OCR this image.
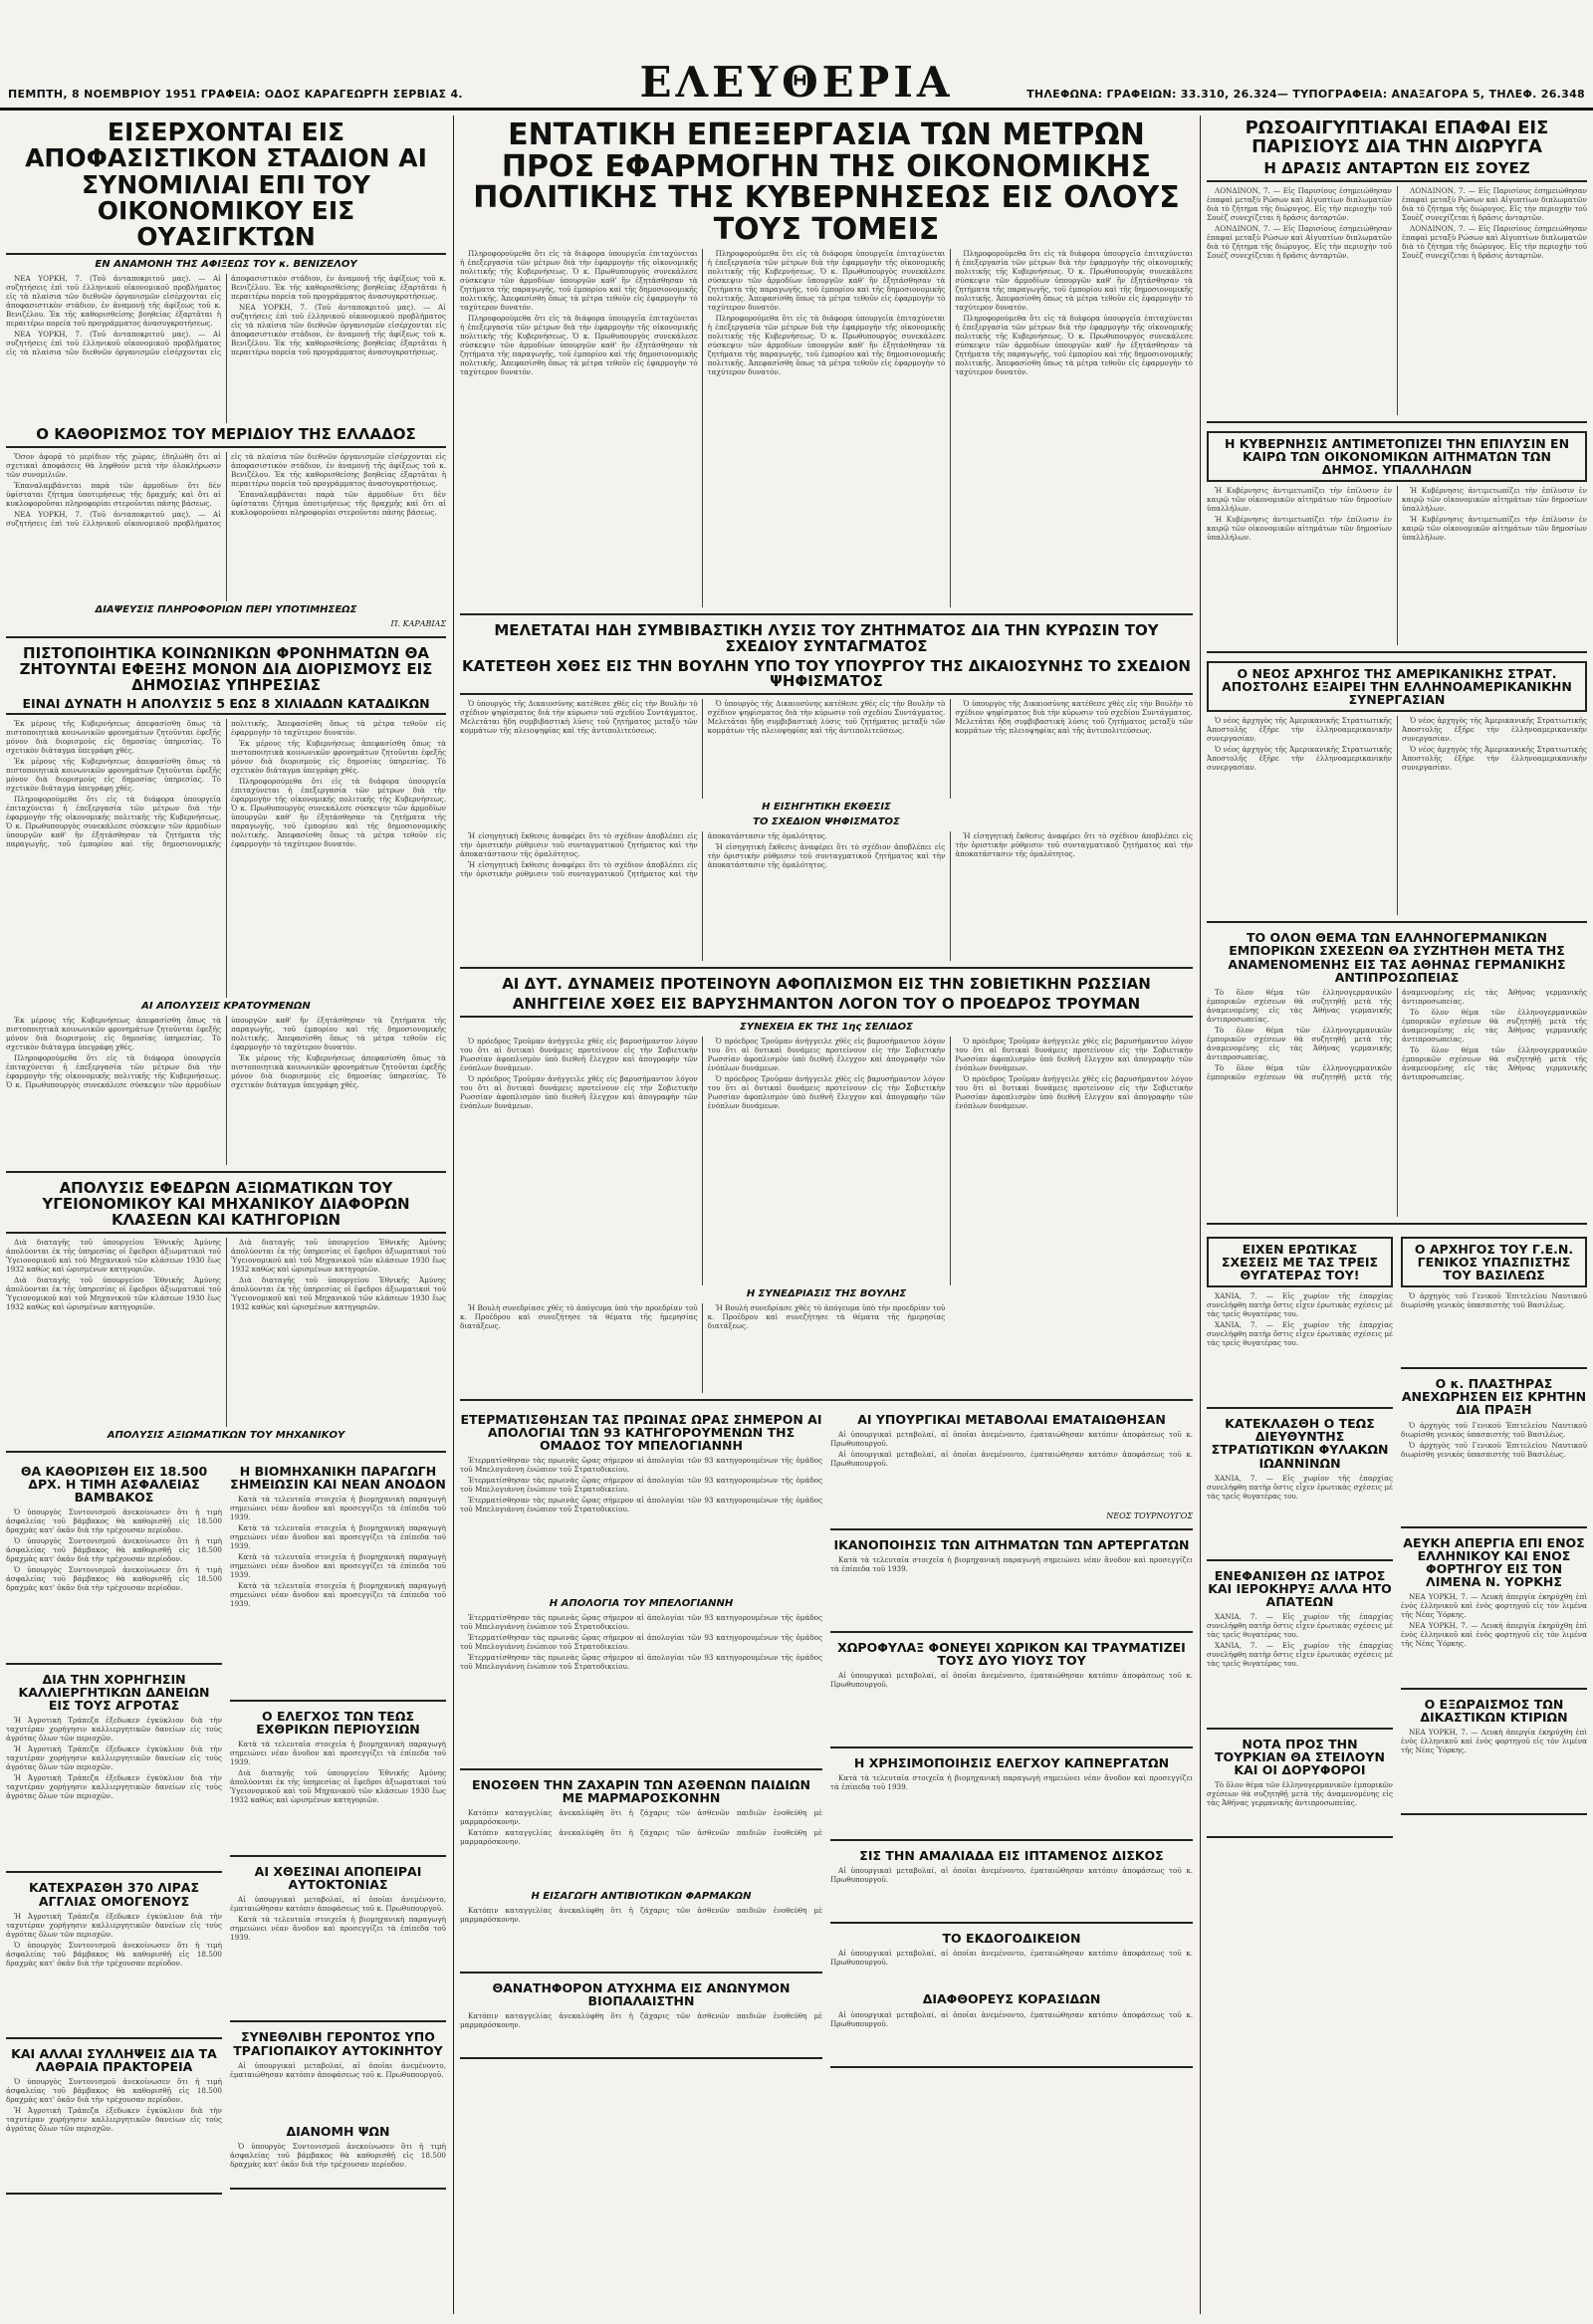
ΕΛΕΥΘΕΡΙΑ
ΠΕΜΠΤΗ, 8 ΝΟΕΜΒΡΙΟΥ 1951 ΓΡΑΦΕΙΑ: ΟΔΟΣ ΚΑΡΑΓΕΩΡΓΗ ΣΕΡΒΙΑΣ 4.	ΤΗΛΕΦΩΝΑ: ΓΡΑΦΕΙΩΝ: 33.310, 26.324— ΤΥΠΟΓΡΑΦΕΙΑ: ΑΝΑΞΑΓΟΡΑ 5, ΤΗΛΕΦ. 26.348
ΕΙΣΕΡΧΟΝΤΑΙ ΕΙΣ ΑΠΟΦΑΣΙΣΤΙΚΟΝ ΣΤΑΔΙΟΝ ΑΙ ΣΥΝΟΜΙΛΙΑΙ ΕΠΙ ΤΟΥ ΟΙΚΟΝΟΜΙΚΟΥ ΕΙΣ ΟΥΑΣΙΓΚΤΩΝ
ΕΝ ΑΝΑΜΟΝΗ ΤΗΣ ΑΦΙΞΕΩΣ ΤΟΥ κ. ΒΕΝΙΖΕΛΟΥ

ΝΕΑ ΥΟΡΚΗ, 7. (Τοῦ ἀνταποκριτοῦ μας). — Αἱ συζητήσεις ἐπὶ τοῦ ἑλληνικοῦ οἰκονομικοῦ προβλήματος εἰς τὰ πλαίσια τῶν διεθνῶν ὀργανισμῶν εἰσέρχονται εἰς ἀποφασιστικὸν στάδιον, ἐν ἀναμονῇ τῆς ἀφίξεως τοῦ κ. Βενιζέλου. Ἐκ τῆς καθορισθείσης βοηθείας ἐξαρτᾶται ἡ περαιτέρω πορεία τοῦ προγράμματος ἀνασυγκροτήσεως.

ΝΕΑ ΥΟΡΚΗ, 7. (Τοῦ ἀνταποκριτοῦ μας). — Αἱ συζητήσεις ἐπὶ τοῦ ἑλληνικοῦ οἰκονομικοῦ προβλήματος εἰς τὰ πλαίσια τῶν διεθνῶν ὀργανισμῶν εἰσέρχονται εἰς ἀποφασιστικὸν στάδιον, ἐν ἀναμονῇ τῆς ἀφίξεως τοῦ κ. Βενιζέλου. Ἐκ τῆς καθορισθείσης βοηθείας ἐξαρτᾶται ἡ περαιτέρω πορεία τοῦ προγράμματος ἀνασυγκροτήσεως.

ΝΕΑ ΥΟΡΚΗ, 7. (Τοῦ ἀνταποκριτοῦ μας). — Αἱ συζητήσεις ἐπὶ τοῦ ἑλληνικοῦ οἰκονομικοῦ προβλήματος εἰς τὰ πλαίσια τῶν διεθνῶν ὀργανισμῶν εἰσέρχονται εἰς ἀποφασιστικὸν στάδιον, ἐν ἀναμονῇ τῆς ἀφίξεως τοῦ κ. Βενιζέλου. Ἐκ τῆς καθορισθείσης βοηθείας ἐξαρτᾶται ἡ περαιτέρω πορεία τοῦ προγράμματος ἀνασυγκροτήσεως.

Ο ΚΑΘΟΡΙΣΜΟΣ ΤΟΥ ΜΕΡΙΔΙΟΥ ΤΗΣ ΕΛΛΑΔΟΣ

Ὅσον ἀφορᾷ τὸ μερίδιον τῆς χώρας, ἐδηλώθη ὅτι αἱ σχετικαὶ ἀποφάσεις θὰ ληφθοῦν μετὰ τὴν ὁλοκλήρωσιν τῶν συνομιλιῶν.

Ἐπαναλαμβάνεται παρὰ τῶν ἁρμοδίων ὅτι δὲν ὑφίσταται ζήτημα ὑποτιμήσεως τῆς δραχμῆς καὶ ὅτι αἱ κυκλοφοροῦσαι πληροφορίαι στεροῦνται πάσης βάσεως.

ΝΕΑ ΥΟΡΚΗ, 7. (Τοῦ ἀνταποκριτοῦ μας). — Αἱ συζητήσεις ἐπὶ τοῦ ἑλληνικοῦ οἰκονομικοῦ προβλήματος εἰς τὰ πλαίσια τῶν διεθνῶν ὀργανισμῶν εἰσέρχονται εἰς ἀποφασιστικὸν στάδιον, ἐν ἀναμονῇ τῆς ἀφίξεως τοῦ κ. Βενιζέλου. Ἐκ τῆς καθορισθείσης βοηθείας ἐξαρτᾶται ἡ περαιτέρω πορεία τοῦ προγράμματος ἀνασυγκροτήσεως.

Ἐπαναλαμβάνεται παρὰ τῶν ἁρμοδίων ὅτι δὲν ὑφίσταται ζήτημα ὑποτιμήσεως τῆς δραχμῆς καὶ ὅτι αἱ κυκλοφοροῦσαι πληροφορίαι στεροῦνται πάσης βάσεως.

ΔΙΑΨΕΥΣΙΣ ΠΛΗΡΟΦΟΡΙΩΝ ΠΕΡΙ ΥΠΟΤΙΜΗΣΕΩΣ
Π. ΚΑΡΑΒΙΑΣ
ΠΙΣΤΟΠΟΙΗΤΙΚΑ ΚΟΙΝΩΝΙΚΩΝ ΦΡΟΝΗΜΑΤΩΝ ΘΑ ΖΗΤΟΥΝΤΑΙ ΕΦΕΞΗΣ ΜΟΝΟΝ ΔΙΑ ΔΙΟΡΙΣΜΟΥΣ ΕΙΣ ΔΗΜΟΣΙΑΣ ΥΠΗΡΕΣΙΑΣ
ΕΙΝΑΙ ΔΥΝΑΤΗ Η ΑΠΟΛΥΣΙΣ 5 ΕΩΣ 8 ΧΙΛΙΑΔΩΝ ΚΑΤΑΔΙΚΩΝ

Ἐκ μέρους τῆς Κυβερνήσεως ἀπεφασίσθη ὅπως τὰ πιστοποιητικὰ κοινωνικῶν φρονημάτων ζητοῦνται ἐφεξῆς μόνον διὰ διορισμοὺς εἰς δημοσίας ὑπηρεσίας. Τὸ σχετικὸν διάταγμα ὑπεγράφη χθές.

Ἐκ μέρους τῆς Κυβερνήσεως ἀπεφασίσθη ὅπως τὰ πιστοποιητικὰ κοινωνικῶν φρονημάτων ζητοῦνται ἐφεξῆς μόνον διὰ διορισμοὺς εἰς δημοσίας ὑπηρεσίας. Τὸ σχετικὸν διάταγμα ὑπεγράφη χθές.

Πληροφορούμεθα ὅτι εἰς τὰ διάφορα ὑπουργεῖα ἐπιταχύνεται ἡ ἐπεξεργασία τῶν μέτρων διὰ τὴν ἐφαρμογὴν τῆς οἰκονομικῆς πολιτικῆς τῆς Κυβερνήσεως. Ὁ κ. Πρωθυπουργὸς συνεκάλεσε σύσκεψιν τῶν ἁρμοδίων ὑπουργῶν καθ' ἣν ἐξητάσθησαν τὰ ζητήματα τῆς παραγωγῆς, τοῦ ἐμπορίου καὶ τῆς δημοσιονομικῆς πολιτικῆς. Ἀπεφασίσθη ὅπως τὰ μέτρα τεθοῦν εἰς ἐφαρμογὴν τὸ ταχύτερον δυνατόν.

Ἐκ μέρους τῆς Κυβερνήσεως ἀπεφασίσθη ὅπως τὰ πιστοποιητικὰ κοινωνικῶν φρονημάτων ζητοῦνται ἐφεξῆς μόνον διὰ διορισμοὺς εἰς δημοσίας ὑπηρεσίας. Τὸ σχετικὸν διάταγμα ὑπεγράφη χθές.

Πληροφορούμεθα ὅτι εἰς τὰ διάφορα ὑπουργεῖα ἐπιταχύνεται ἡ ἐπεξεργασία τῶν μέτρων διὰ τὴν ἐφαρμογὴν τῆς οἰκονομικῆς πολιτικῆς τῆς Κυβερνήσεως. Ὁ κ. Πρωθυπουργὸς συνεκάλεσε σύσκεψιν τῶν ἁρμοδίων ὑπουργῶν καθ' ἣν ἐξητάσθησαν τὰ ζητήματα τῆς παραγωγῆς, τοῦ ἐμπορίου καὶ τῆς δημοσιονομικῆς πολιτικῆς. Ἀπεφασίσθη ὅπως τὰ μέτρα τεθοῦν εἰς ἐφαρμογὴν τὸ ταχύτερον δυνατόν.

ΑΙ ΑΠΟΛΥΣΕΙΣ ΚΡΑΤΟΥΜΕΝΩΝ

Ἐκ μέρους τῆς Κυβερνήσεως ἀπεφασίσθη ὅπως τὰ πιστοποιητικὰ κοινωνικῶν φρονημάτων ζητοῦνται ἐφεξῆς μόνον διὰ διορισμοὺς εἰς δημοσίας ὑπηρεσίας. Τὸ σχετικὸν διάταγμα ὑπεγράφη χθές.

Πληροφορούμεθα ὅτι εἰς τὰ διάφορα ὑπουργεῖα ἐπιταχύνεται ἡ ἐπεξεργασία τῶν μέτρων διὰ τὴν ἐφαρμογὴν τῆς οἰκονομικῆς πολιτικῆς τῆς Κυβερνήσεως. Ὁ κ. Πρωθυπουργὸς συνεκάλεσε σύσκεψιν τῶν ἁρμοδίων ὑπουργῶν καθ' ἣν ἐξητάσθησαν τὰ ζητήματα τῆς παραγωγῆς, τοῦ ἐμπορίου καὶ τῆς δημοσιονομικῆς πολιτικῆς. Ἀπεφασίσθη ὅπως τὰ μέτρα τεθοῦν εἰς ἐφαρμογὴν τὸ ταχύτερον δυνατόν.

Ἐκ μέρους τῆς Κυβερνήσεως ἀπεφασίσθη ὅπως τὰ πιστοποιητικὰ κοινωνικῶν φρονημάτων ζητοῦνται ἐφεξῆς μόνον διὰ διορισμοὺς εἰς δημοσίας ὑπηρεσίας. Τὸ σχετικὸν διάταγμα ὑπεγράφη χθές.

ΑΠΟΛΥΣΙΣ ΕΦΕΔΡΩΝ ΑΞΙΩΜΑΤΙΚΩΝ ΤΟΥ ΥΓΕΙΟΝΟΜΙΚΟΥ ΚΑΙ ΜΗΧΑΝΙΚΟΥ ΔΙΑΦΟΡΩΝ ΚΛΑΣΕΩΝ ΚΑΙ ΚΑΤΗΓΟΡΙΩΝ

Διὰ διαταγῆς τοῦ ὑπουργείου Ἐθνικῆς Ἀμύνης ἀπολύονται ἐκ τῆς ὑπηρεσίας οἱ ἔφεδροι ἀξιωματικοὶ τοῦ Ὑγειονομικοῦ καὶ τοῦ Μηχανικοῦ τῶν κλάσεων 1930 ἕως 1932 καθὼς καὶ ὡρισμένων κατηγοριῶν.

Διὰ διαταγῆς τοῦ ὑπουργείου Ἐθνικῆς Ἀμύνης ἀπολύονται ἐκ τῆς ὑπηρεσίας οἱ ἔφεδροι ἀξιωματικοὶ τοῦ Ὑγειονομικοῦ καὶ τοῦ Μηχανικοῦ τῶν κλάσεων 1930 ἕως 1932 καθὼς καὶ ὡρισμένων κατηγοριῶν.

Διὰ διαταγῆς τοῦ ὑπουργείου Ἐθνικῆς Ἀμύνης ἀπολύονται ἐκ τῆς ὑπηρεσίας οἱ ἔφεδροι ἀξιωματικοὶ τοῦ Ὑγειονομικοῦ καὶ τοῦ Μηχανικοῦ τῶν κλάσεων 1930 ἕως 1932 καθὼς καὶ ὡρισμένων κατηγοριῶν.

Διὰ διαταγῆς τοῦ ὑπουργείου Ἐθνικῆς Ἀμύνης ἀπολύονται ἐκ τῆς ὑπηρεσίας οἱ ἔφεδροι ἀξιωματικοὶ τοῦ Ὑγειονομικοῦ καὶ τοῦ Μηχανικοῦ τῶν κλάσεων 1930 ἕως 1932 καθὼς καὶ ὡρισμένων κατηγοριῶν.

ΑΠΟΛΥΣΙΣ ΑΞΙΩΜΑΤΙΚΩΝ ΤΟΥ ΜΗΧΑΝΙΚΟΥ
ΘΑ ΚΑΘΟΡΙΣΘΗ ΕΙΣ 18.500 ΔΡΧ. Η ΤΙΜΗ ΑΣΦΑΛΕΙΑΣ ΒΑΜΒΑΚΟΣ

Ὁ ὑπουργὸς Συντονισμοῦ ἀνεκοίνωσεν ὅτι ἡ τιμὴ ἀσφαλείας τοῦ βάμβακος θὰ καθορισθῇ εἰς 18.500 δραχμὰς κατ' ὀκᾶν διὰ τὴν τρέχουσαν περίοδον.

Ὁ ὑπουργὸς Συντονισμοῦ ἀνεκοίνωσεν ὅτι ἡ τιμὴ ἀσφαλείας τοῦ βάμβακος θὰ καθορισθῇ εἰς 18.500 δραχμὰς κατ' ὀκᾶν διὰ τὴν τρέχουσαν περίοδον.

Ὁ ὑπουργὸς Συντονισμοῦ ἀνεκοίνωσεν ὅτι ἡ τιμὴ ἀσφαλείας τοῦ βάμβακος θὰ καθορισθῇ εἰς 18.500 δραχμὰς κατ' ὀκᾶν διὰ τὴν τρέχουσαν περίοδον.

ΔΙΑ ΤΗΝ ΧΟΡΗΓΗΣΙΝ ΚΑΛΛΙΕΡΓΗΤΙΚΩΝ ΔΑΝΕΙΩΝ ΕΙΣ ΤΟΥΣ ΑΓΡΟΤΑΣ

Ἡ Ἀγροτικὴ Τράπεζα ἐξεδωκεν ἐγκύκλιον διὰ τὴν ταχυτέραν χορήγησιν καλλιεργητικῶν δανείων εἰς τοὺς ἀγρότας ὅλων τῶν περιοχῶν.

Ἡ Ἀγροτικὴ Τράπεζα ἐξεδωκεν ἐγκύκλιον διὰ τὴν ταχυτέραν χορήγησιν καλλιεργητικῶν δανείων εἰς τοὺς ἀγρότας ὅλων τῶν περιοχῶν.

Ἡ Ἀγροτικὴ Τράπεζα ἐξεδωκεν ἐγκύκλιον διὰ τὴν ταχυτέραν χορήγησιν καλλιεργητικῶν δανείων εἰς τοὺς ἀγρότας ὅλων τῶν περιοχῶν.

ΚΑΤΕΧΡΑΣΘΗ 370 ΛΙΡΑΣ ΑΓΓΛΙΑΣ ΟΜΟΓΕΝΟΥΣ

Ἡ Ἀγροτικὴ Τράπεζα ἐξεδωκεν ἐγκύκλιον διὰ τὴν ταχυτέραν χορήγησιν καλλιεργητικῶν δανείων εἰς τοὺς ἀγρότας ὅλων τῶν περιοχῶν.

Ὁ ὑπουργὸς Συντονισμοῦ ἀνεκοίνωσεν ὅτι ἡ τιμὴ ἀσφαλείας τοῦ βάμβακος θὰ καθορισθῇ εἰς 18.500 δραχμὰς κατ' ὀκᾶν διὰ τὴν τρέχουσαν περίοδον.

ΚΑΙ ΑΛΛΑΙ ΣΥΛΛΗΨΕΙΣ ΔΙΑ ΤΑ ΛΑΘΡΑΙΑ ΠΡΑΚΤΟΡΕΙΑ

Ὁ ὑπουργὸς Συντονισμοῦ ἀνεκοίνωσεν ὅτι ἡ τιμὴ ἀσφαλείας τοῦ βάμβακος θὰ καθορισθῇ εἰς 18.500 δραχμὰς κατ' ὀκᾶν διὰ τὴν τρέχουσαν περίοδον.

Ἡ Ἀγροτικὴ Τράπεζα ἐξεδωκεν ἐγκύκλιον διὰ τὴν ταχυτέραν χορήγησιν καλλιεργητικῶν δανείων εἰς τοὺς ἀγρότας ὅλων τῶν περιοχῶν.

Η ΒΙΟΜΗΧΑΝΙΚΗ ΠΑΡΑΓΩΓΗ ΣΗΜΕΙΩΣΙΝ ΚΑΙ ΝΕΑΝ ΑΝΟΔΟΝ

Κατὰ τὰ τελευταῖα στοιχεῖα ἡ βιομηχανικὴ παραγωγὴ σημειώνει νέαν ἄνοδον καὶ προσεγγίζει τὰ ἐπίπεδα τοῦ 1939.

Κατὰ τὰ τελευταῖα στοιχεῖα ἡ βιομηχανικὴ παραγωγὴ σημειώνει νέαν ἄνοδον καὶ προσεγγίζει τὰ ἐπίπεδα τοῦ 1939.

Κατὰ τὰ τελευταῖα στοιχεῖα ἡ βιομηχανικὴ παραγωγὴ σημειώνει νέαν ἄνοδον καὶ προσεγγίζει τὰ ἐπίπεδα τοῦ 1939.

Κατὰ τὰ τελευταῖα στοιχεῖα ἡ βιομηχανικὴ παραγωγὴ σημειώνει νέαν ἄνοδον καὶ προσεγγίζει τὰ ἐπίπεδα τοῦ 1939.

Ο ΕΛΕΓΧΟΣ ΤΩΝ ΤΕΩΣ ΕΧΘΡΙΚΩΝ ΠΕΡΙΟΥΣΙΩΝ

Κατὰ τὰ τελευταῖα στοιχεῖα ἡ βιομηχανικὴ παραγωγὴ σημειώνει νέαν ἄνοδον καὶ προσεγγίζει τὰ ἐπίπεδα τοῦ 1939.

Διὰ διαταγῆς τοῦ ὑπουργείου Ἐθνικῆς Ἀμύνης ἀπολύονται ἐκ τῆς ὑπηρεσίας οἱ ἔφεδροι ἀξιωματικοὶ τοῦ Ὑγειονομικοῦ καὶ τοῦ Μηχανικοῦ τῶν κλάσεων 1930 ἕως 1932 καθὼς καὶ ὡρισμένων κατηγοριῶν.

ΑΙ ΧΘΕΣΙΝΑΙ ΑΠΟΠΕΙΡΑΙ ΑΥΤΟΚΤΟΝΙΑΣ

Αἱ ὑπουργικαὶ μεταβολαί, αἱ ὁποῖαι ἀνεμένοντο, ἐματαιώθησαν κατόπιν ἀποφάσεως τοῦ κ. Πρωθυπουργοῦ.

Κατὰ τὰ τελευταῖα στοιχεῖα ἡ βιομηχανικὴ παραγωγὴ σημειώνει νέαν ἄνοδον καὶ προσεγγίζει τὰ ἐπίπεδα τοῦ 1939.

ΣΥΝΕΘΛΙΒΗ ΓΕΡΟΝΤΟΣ ΥΠΟ ΤΡΑΓΙΟΠΑΙΚΟΥ ΑΥΤΟΚΙΝΗΤΟΥ

Αἱ ὑπουργικαὶ μεταβολαί, αἱ ὁποῖαι ἀνεμένοντο, ἐματαιώθησαν κατόπιν ἀποφάσεως τοῦ κ. Πρωθυπουργοῦ.

ΔΙΑΝΟΜΗ ΨΩΝ

Ὁ ὑπουργὸς Συντονισμοῦ ἀνεκοίνωσεν ὅτι ἡ τιμὴ ἀσφαλείας τοῦ βάμβακος θὰ καθορισθῇ εἰς 18.500 δραχμὰς κατ' ὀκᾶν διὰ τὴν τρέχουσαν περίοδον.

ΕΝΤΑΤΙΚΗ ΕΠΕΞΕΡΓΑΣΙΑ ΤΩΝ ΜΕΤΡΩΝ ΠΡΟΣ ΕΦΑΡΜΟΓΗΝ ΤΗΣ ΟΙΚΟΝΟΜΙΚΗΣ ΠΟΛΙΤΙΚΗΣ ΤΗΣ ΚΥΒΕΡΝΗΣΕΩΣ ΕΙΣ ΟΛΟΥΣ ΤΟΥΣ ΤΟΜΕΙΣ

Πληροφορούμεθα ὅτι εἰς τὰ διάφορα ὑπουργεῖα ἐπιταχύνεται ἡ ἐπεξεργασία τῶν μέτρων διὰ τὴν ἐφαρμογὴν τῆς οἰκονομικῆς πολιτικῆς τῆς Κυβερνήσεως. Ὁ κ. Πρωθυπουργὸς συνεκάλεσε σύσκεψιν τῶν ἁρμοδίων ὑπουργῶν καθ' ἣν ἐξητάσθησαν τὰ ζητήματα τῆς παραγωγῆς, τοῦ ἐμπορίου καὶ τῆς δημοσιονομικῆς πολιτικῆς. Ἀπεφασίσθη ὅπως τὰ μέτρα τεθοῦν εἰς ἐφαρμογὴν τὸ ταχύτερον δυνατόν.

Πληροφορούμεθα ὅτι εἰς τὰ διάφορα ὑπουργεῖα ἐπιταχύνεται ἡ ἐπεξεργασία τῶν μέτρων διὰ τὴν ἐφαρμογὴν τῆς οἰκονομικῆς πολιτικῆς τῆς Κυβερνήσεως. Ὁ κ. Πρωθυπουργὸς συνεκάλεσε σύσκεψιν τῶν ἁρμοδίων ὑπουργῶν καθ' ἣν ἐξητάσθησαν τὰ ζητήματα τῆς παραγωγῆς, τοῦ ἐμπορίου καὶ τῆς δημοσιονομικῆς πολιτικῆς. Ἀπεφασίσθη ὅπως τὰ μέτρα τεθοῦν εἰς ἐφαρμογὴν τὸ ταχύτερον δυνατόν.

Πληροφορούμεθα ὅτι εἰς τὰ διάφορα ὑπουργεῖα ἐπιταχύνεται ἡ ἐπεξεργασία τῶν μέτρων διὰ τὴν ἐφαρμογὴν τῆς οἰκονομικῆς πολιτικῆς τῆς Κυβερνήσεως. Ὁ κ. Πρωθυπουργὸς συνεκάλεσε σύσκεψιν τῶν ἁρμοδίων ὑπουργῶν καθ' ἣν ἐξητάσθησαν τὰ ζητήματα τῆς παραγωγῆς, τοῦ ἐμπορίου καὶ τῆς δημοσιονομικῆς πολιτικῆς. Ἀπεφασίσθη ὅπως τὰ μέτρα τεθοῦν εἰς ἐφαρμογὴν τὸ ταχύτερον δυνατόν.

Πληροφορούμεθα ὅτι εἰς τὰ διάφορα ὑπουργεῖα ἐπιταχύνεται ἡ ἐπεξεργασία τῶν μέτρων διὰ τὴν ἐφαρμογὴν τῆς οἰκονομικῆς πολιτικῆς τῆς Κυβερνήσεως. Ὁ κ. Πρωθυπουργὸς συνεκάλεσε σύσκεψιν τῶν ἁρμοδίων ὑπουργῶν καθ' ἣν ἐξητάσθησαν τὰ ζητήματα τῆς παραγωγῆς, τοῦ ἐμπορίου καὶ τῆς δημοσιονομικῆς πολιτικῆς. Ἀπεφασίσθη ὅπως τὰ μέτρα τεθοῦν εἰς ἐφαρμογὴν τὸ ταχύτερον δυνατόν.

Πληροφορούμεθα ὅτι εἰς τὰ διάφορα ὑπουργεῖα ἐπιταχύνεται ἡ ἐπεξεργασία τῶν μέτρων διὰ τὴν ἐφαρμογὴν τῆς οἰκονομικῆς πολιτικῆς τῆς Κυβερνήσεως. Ὁ κ. Πρωθυπουργὸς συνεκάλεσε σύσκεψιν τῶν ἁρμοδίων ὑπουργῶν καθ' ἣν ἐξητάσθησαν τὰ ζητήματα τῆς παραγωγῆς, τοῦ ἐμπορίου καὶ τῆς δημοσιονομικῆς πολιτικῆς. Ἀπεφασίσθη ὅπως τὰ μέτρα τεθοῦν εἰς ἐφαρμογὴν τὸ ταχύτερον δυνατόν.

Πληροφορούμεθα ὅτι εἰς τὰ διάφορα ὑπουργεῖα ἐπιταχύνεται ἡ ἐπεξεργασία τῶν μέτρων διὰ τὴν ἐφαρμογὴν τῆς οἰκονομικῆς πολιτικῆς τῆς Κυβερνήσεως. Ὁ κ. Πρωθυπουργὸς συνεκάλεσε σύσκεψιν τῶν ἁρμοδίων ὑπουργῶν καθ' ἣν ἐξητάσθησαν τὰ ζητήματα τῆς παραγωγῆς, τοῦ ἐμπορίου καὶ τῆς δημοσιονομικῆς πολιτικῆς. Ἀπεφασίσθη ὅπως τὰ μέτρα τεθοῦν εἰς ἐφαρμογὴν τὸ ταχύτερον δυνατόν.

ΜΕΛΕΤΑΤΑΙ ΗΔΗ ΣΥΜΒΙΒΑΣΤΙΚΗ ΛΥΣΙΣ ΤΟΥ ΖΗΤΗΜΑΤΟΣ ΔΙΑ ΤΗΝ ΚΥΡΩΣΙΝ ΤΟΥ ΣΧΕΔΙΟΥ ΣΥΝΤΑΓΜΑΤΟΣ
ΚΑΤΕΤΕΘΗ ΧΘΕΣ ΕΙΣ ΤΗΝ ΒΟΥΛΗΝ ΥΠΟ ΤΟΥ ΥΠΟΥΡΓΟΥ ΤΗΣ ΔΙΚΑΙΟΣΥΝΗΣ ΤΟ ΣΧΕΔΙΟΝ ΨΗΦΙΣΜΑΤΟΣ

Ὁ ὑπουργὸς τῆς Δικαιοσύνης κατέθεσε χθὲς εἰς τὴν Βουλὴν τὸ σχέδιον ψηφίσματος διὰ τὴν κύρωσιν τοῦ σχεδίου Συντάγματος. Μελετᾶται ἤδη συμβιβαστικὴ λύσις τοῦ ζητήματος μεταξὺ τῶν κομμάτων τῆς πλειοψηφίας καὶ τῆς ἀντιπολιτεύσεως.

Ὁ ὑπουργὸς τῆς Δικαιοσύνης κατέθεσε χθὲς εἰς τὴν Βουλὴν τὸ σχέδιον ψηφίσματος διὰ τὴν κύρωσιν τοῦ σχεδίου Συντάγματος. Μελετᾶται ἤδη συμβιβαστικὴ λύσις τοῦ ζητήματος μεταξὺ τῶν κομμάτων τῆς πλειοψηφίας καὶ τῆς ἀντιπολιτεύσεως.

Ὁ ὑπουργὸς τῆς Δικαιοσύνης κατέθεσε χθὲς εἰς τὴν Βουλὴν τὸ σχέδιον ψηφίσματος διὰ τὴν κύρωσιν τοῦ σχεδίου Συντάγματος. Μελετᾶται ἤδη συμβιβαστικὴ λύσις τοῦ ζητήματος μεταξὺ τῶν κομμάτων τῆς πλειοψηφίας καὶ τῆς ἀντιπολιτεύσεως.

Η ΕΙΣΗΓΗΤΙΚΗ ΕΚΘΕΣΙΣ
ΤΟ ΣΧΕΔΙΟΝ ΨΗΦΙΣΜΑΤΟΣ

Ἡ εἰσηγητικὴ ἔκθεσις ἀναφέρει ὅτι τὸ σχέδιον ἀποβλέπει εἰς τὴν ὁριστικὴν ρύθμισιν τοῦ συνταγματικοῦ ζητήματος καὶ τὴν ἀποκατάστασιν τῆς ὁμαλότητος.

Ἡ εἰσηγητικὴ ἔκθεσις ἀναφέρει ὅτι τὸ σχέδιον ἀποβλέπει εἰς τὴν ὁριστικὴν ρύθμισιν τοῦ συνταγματικοῦ ζητήματος καὶ τὴν ἀποκατάστασιν τῆς ὁμαλότητος.

Ἡ εἰσηγητικὴ ἔκθεσις ἀναφέρει ὅτι τὸ σχέδιον ἀποβλέπει εἰς τὴν ὁριστικὴν ρύθμισιν τοῦ συνταγματικοῦ ζητήματος καὶ τὴν ἀποκατάστασιν τῆς ὁμαλότητος.

Ἡ εἰσηγητικὴ ἔκθεσις ἀναφέρει ὅτι τὸ σχέδιον ἀποβλέπει εἰς τὴν ὁριστικὴν ρύθμισιν τοῦ συνταγματικοῦ ζητήματος καὶ τὴν ἀποκατάστασιν τῆς ὁμαλότητος.

ΑΙ ΔΥΤ. ΔΥΝΑΜΕΙΣ ΠΡΟΤΕΙΝΟΥΝ ΑΦΟΠΛΙΣΜΟΝ ΕΙΣ ΤΗΝ ΣΟΒΙΕΤΙΚΗΝ ΡΩΣΣΙΑΝ
ΑΝΗΓΓΕΙΛΕ ΧΘΕΣ ΕΙΣ ΒΑΡΥΣΗΜΑΝΤΟΝ ΛΟΓΟΝ ΤΟΥ Ο ΠΡΟΕΔΡΟΣ ΤΡΟΥΜΑΝ
ΣΥΝΕΧΕΙΑ ΕΚ ΤΗΣ 1ης ΣΕΛΙΔΟΣ

Ὁ πρόεδρος Τροῦμαν ἀνήγγειλε χθὲς εἰς βαρυσήμαντον λόγον του ὅτι αἱ δυτικαὶ δυνάμεις προτείνουν εἰς τὴν Σοβιετικὴν Ρωσσίαν ἀφοπλισμὸν ὑπὸ διεθνῆ ἔλεγχον καὶ ἀπογραφὴν τῶν ἐνόπλων δυνάμεων.

Ὁ πρόεδρος Τροῦμαν ἀνήγγειλε χθὲς εἰς βαρυσήμαντον λόγον του ὅτι αἱ δυτικαὶ δυνάμεις προτείνουν εἰς τὴν Σοβιετικὴν Ρωσσίαν ἀφοπλισμὸν ὑπὸ διεθνῆ ἔλεγχον καὶ ἀπογραφὴν τῶν ἐνόπλων δυνάμεων.

Ὁ πρόεδρος Τροῦμαν ἀνήγγειλε χθὲς εἰς βαρυσήμαντον λόγον του ὅτι αἱ δυτικαὶ δυνάμεις προτείνουν εἰς τὴν Σοβιετικὴν Ρωσσίαν ἀφοπλισμὸν ὑπὸ διεθνῆ ἔλεγχον καὶ ἀπογραφὴν τῶν ἐνόπλων δυνάμεων.

Ὁ πρόεδρος Τροῦμαν ἀνήγγειλε χθὲς εἰς βαρυσήμαντον λόγον του ὅτι αἱ δυτικαὶ δυνάμεις προτείνουν εἰς τὴν Σοβιετικὴν Ρωσσίαν ἀφοπλισμὸν ὑπὸ διεθνῆ ἔλεγχον καὶ ἀπογραφὴν τῶν ἐνόπλων δυνάμεων.

Ὁ πρόεδρος Τροῦμαν ἀνήγγειλε χθὲς εἰς βαρυσήμαντον λόγον του ὅτι αἱ δυτικαὶ δυνάμεις προτείνουν εἰς τὴν Σοβιετικὴν Ρωσσίαν ἀφοπλισμὸν ὑπὸ διεθνῆ ἔλεγχον καὶ ἀπογραφὴν τῶν ἐνόπλων δυνάμεων.

Ὁ πρόεδρος Τροῦμαν ἀνήγγειλε χθὲς εἰς βαρυσήμαντον λόγον του ὅτι αἱ δυτικαὶ δυνάμεις προτείνουν εἰς τὴν Σοβιετικὴν Ρωσσίαν ἀφοπλισμὸν ὑπὸ διεθνῆ ἔλεγχον καὶ ἀπογραφὴν τῶν ἐνόπλων δυνάμεων.

Η ΣΥΝΕΔΡΙΑΣΙΣ ΤΗΣ ΒΟΥΛΗΣ

Ἡ Βουλὴ συνεδρίασε χθὲς τὸ ἀπόγευμα ὑπὸ τὴν προεδρίαν τοῦ κ. Προέδρου καὶ συνεζήτησε τὰ θέματα τῆς ἡμερησίας διατάξεως.

Ἡ Βουλὴ συνεδρίασε χθὲς τὸ ἀπόγευμα ὑπὸ τὴν προεδρίαν τοῦ κ. Προέδρου καὶ συνεζήτησε τὰ θέματα τῆς ἡμερησίας διατάξεως.

ΕΤΕΡΜΑΤΙΣΘΗΣΑΝ ΤΑΣ ΠΡΩΙΝΑΣ ΩΡΑΣ ΣΗΜΕΡΟΝ ΑΙ ΑΠΟΛΟΓΙΑΙ ΤΩΝ 93 ΚΑΤΗΓΟΡΟΥΜΕΝΩΝ ΤΗΣ ΟΜΑΔΟΣ ΤΟΥ ΜΠΕΛΟΓΙΑΝΝΗ

Ἐτερματίσθησαν τὰς πρωινὰς ὥρας σήμερον αἱ ἀπολογίαι τῶν 93 κατηγορουμένων τῆς ὁμάδος τοῦ Μπελογιάννη ἐνώπιον τοῦ Στρατοδικείου.

Ἐτερματίσθησαν τὰς πρωινὰς ὥρας σήμερον αἱ ἀπολογίαι τῶν 93 κατηγορουμένων τῆς ὁμάδος τοῦ Μπελογιάννη ἐνώπιον τοῦ Στρατοδικείου.

Ἐτερματίσθησαν τὰς πρωινὰς ὥρας σήμερον αἱ ἀπολογίαι τῶν 93 κατηγορουμένων τῆς ὁμάδος τοῦ Μπελογιάννη ἐνώπιον τοῦ Στρατοδικείου.

Η ΑΠΟΛΟΓΙΑ ΤΟΥ ΜΠΕΛΟΓΙΑΝΝΗ

Ἐτερματίσθησαν τὰς πρωινὰς ὥρας σήμερον αἱ ἀπολογίαι τῶν 93 κατηγορουμένων τῆς ὁμάδος τοῦ Μπελογιάννη ἐνώπιον τοῦ Στρατοδικείου.

Ἐτερματίσθησαν τὰς πρωινὰς ὥρας σήμερον αἱ ἀπολογίαι τῶν 93 κατηγορουμένων τῆς ὁμάδος τοῦ Μπελογιάννη ἐνώπιον τοῦ Στρατοδικείου.

Ἐτερματίσθησαν τὰς πρωινὰς ὥρας σήμερον αἱ ἀπολογίαι τῶν 93 κατηγορουμένων τῆς ὁμάδος τοῦ Μπελογιάννη ἐνώπιον τοῦ Στρατοδικείου.

ΕΝΟΣΘΕΝ ΤΗΝ ΖΑΧΑΡΙΝ ΤΩΝ ΑΣΘΕΝΩΝ ΠΑΙΔΙΩΝ ΜΕ ΜΑΡΜΑΡΟΣΚΟΝΗΝ

Κατόπιν καταγγελίας ἀνεκαλύφθη ὅτι ἡ ζάχαρις τῶν ἀσθενῶν παιδιῶν ἐνοθεύθη μὲ μαρμαρόσκονην.

Κατόπιν καταγγελίας ἀνεκαλύφθη ὅτι ἡ ζάχαρις τῶν ἀσθενῶν παιδιῶν ἐνοθεύθη μὲ μαρμαρόσκονην.

Η ΕΙΣΑΓΩΓΗ ΑΝΤΙΒΙΟΤΙΚΩΝ ΦΑΡΜΑΚΩΝ

Κατόπιν καταγγελίας ἀνεκαλύφθη ὅτι ἡ ζάχαρις τῶν ἀσθενῶν παιδιῶν ἐνοθεύθη μὲ μαρμαρόσκονην.

ΘΑΝΑΤΗΦΟΡΟΝ ΑΤΥΧΗΜΑ ΕΙΣ ΑΝΩΝΥΜΟΝ ΒΙΟΠΑΛΑΙΣΤΗΝ

Κατόπιν καταγγελίας ἀνεκαλύφθη ὅτι ἡ ζάχαρις τῶν ἀσθενῶν παιδιῶν ἐνοθεύθη μὲ μαρμαρόσκονην.

ΑΙ ΥΠΟΥΡΓΙΚΑΙ ΜΕΤΑΒΟΛΑΙ ΕΜΑΤΑΙΩΘΗΣΑΝ

Αἱ ὑπουργικαὶ μεταβολαί, αἱ ὁποῖαι ἀνεμένοντο, ἐματαιώθησαν κατόπιν ἀποφάσεως τοῦ κ. Πρωθυπουργοῦ.

Αἱ ὑπουργικαὶ μεταβολαί, αἱ ὁποῖαι ἀνεμένοντο, ἐματαιώθησαν κατόπιν ἀποφάσεως τοῦ κ. Πρωθυπουργοῦ.

ΝΕΟΣ ΤΟΥΡΝΟΥΓΟΣ
ΙΚΑΝΟΠΟΙΗΣΙΣ ΤΩΝ ΑΙΤΗΜΑΤΩΝ ΤΩΝ ΑΡΤΕΡΓΑΤΩΝ

Κατὰ τὰ τελευταῖα στοιχεῖα ἡ βιομηχανικὴ παραγωγὴ σημειώνει νέαν ἄνοδον καὶ προσεγγίζει τὰ ἐπίπεδα τοῦ 1939.

ΧΩΡΟΦΥΛΑΞ ΦΟΝΕΥΕΙ ΧΩΡΙΚΟΝ ΚΑΙ ΤΡΑΥΜΑΤΙΖΕΙ ΤΟΥΣ ΔΥΟ ΥΙΟΥΣ ΤΟΥ

Αἱ ὑπουργικαὶ μεταβολαί, αἱ ὁποῖαι ἀνεμένοντο, ἐματαιώθησαν κατόπιν ἀποφάσεως τοῦ κ. Πρωθυπουργοῦ.

Η ΧΡΗΣΙΜΟΠΟΙΗΣΙΣ ΕΛΕΓΧΟΥ ΚΑΠΝΕΡΓΑΤΩΝ

Κατὰ τὰ τελευταῖα στοιχεῖα ἡ βιομηχανικὴ παραγωγὴ σημειώνει νέαν ἄνοδον καὶ προσεγγίζει τὰ ἐπίπεδα τοῦ 1939.

ΣΙΣ ΤΗΝ ΑΜΑΛΙΑΔΑ ΕΙΣ ΙΠΤΑΜΕΝΟΣ ΔΙΣΚΟΣ

Αἱ ὑπουργικαὶ μεταβολαί, αἱ ὁποῖαι ἀνεμένοντο, ἐματαιώθησαν κατόπιν ἀποφάσεως τοῦ κ. Πρωθυπουργοῦ.

ΤΟ ΕΚΔΟΓΟΔΙΚΕΙΟΝ

Αἱ ὑπουργικαὶ μεταβολαί, αἱ ὁποῖαι ἀνεμένοντο, ἐματαιώθησαν κατόπιν ἀποφάσεως τοῦ κ. Πρωθυπουργοῦ.

ΔΙΑΦΘΟΡΕΥΣ ΚΟΡΑΣΙΔΩΝ

Αἱ ὑπουργικαὶ μεταβολαί, αἱ ὁποῖαι ἀνεμένοντο, ἐματαιώθησαν κατόπιν ἀποφάσεως τοῦ κ. Πρωθυπουργοῦ.

ΡΩΣΟΑΙΓΥΠΤΙΑΚΑΙ ΕΠΑΦΑΙ ΕΙΣ ΠΑΡΙΣΙΟΥΣ ΔΙΑ ΤΗΝ ΔΙΩΡΥΓΑ
Η ΔΡΑΣΙΣ ΑΝΤΑΡΤΩΝ ΕΙΣ ΣΟΥΕΖ

ΛΟΝΔΙΝΟΝ, 7. — Εἰς Παρισίους ἐσημειώθησαν ἐπαφαὶ μεταξὺ Ρώσων καὶ Αἰγυπτίων διπλωματῶν διὰ τὸ ζήτημα τῆς διώρυγος. Εἰς τὴν περιοχὴν τοῦ Σουὲζ συνεχίζεται ἡ δρᾶσις ἀνταρτῶν.

ΛΟΝΔΙΝΟΝ, 7. — Εἰς Παρισίους ἐσημειώθησαν ἐπαφαὶ μεταξὺ Ρώσων καὶ Αἰγυπτίων διπλωματῶν διὰ τὸ ζήτημα τῆς διώρυγος. Εἰς τὴν περιοχὴν τοῦ Σουὲζ συνεχίζεται ἡ δρᾶσις ἀνταρτῶν.

ΛΟΝΔΙΝΟΝ, 7. — Εἰς Παρισίους ἐσημειώθησαν ἐπαφαὶ μεταξὺ Ρώσων καὶ Αἰγυπτίων διπλωματῶν διὰ τὸ ζήτημα τῆς διώρυγος. Εἰς τὴν περιοχὴν τοῦ Σουὲζ συνεχίζεται ἡ δρᾶσις ἀνταρτῶν.

ΛΟΝΔΙΝΟΝ, 7. — Εἰς Παρισίους ἐσημειώθησαν ἐπαφαὶ μεταξὺ Ρώσων καὶ Αἰγυπτίων διπλωματῶν διὰ τὸ ζήτημα τῆς διώρυγος. Εἰς τὴν περιοχὴν τοῦ Σουὲζ συνεχίζεται ἡ δρᾶσις ἀνταρτῶν.

Η ΚΥΒΕΡΝΗΣΙΣ ΑΝΤΙΜΕΤΟΠΙΖΕΙ ΤΗΝ ΕΠΙΛΥΣΙΝ ΕΝ ΚΑΙΡΩ ΤΩΝ ΟΙΚΟΝΟΜΙΚΩΝ ΑΙΤΗΜΑΤΩΝ ΤΩΝ ΔΗΜΟΣ. ΥΠΑΛΛΗΛΩΝ

Ἡ Κυβέρνησις ἀντιμετωπίζει τὴν ἐπίλυσιν ἐν καιρῷ τῶν οἰκονομικῶν αἰτημάτων τῶν δημοσίων ὑπαλλήλων.

Ἡ Κυβέρνησις ἀντιμετωπίζει τὴν ἐπίλυσιν ἐν καιρῷ τῶν οἰκονομικῶν αἰτημάτων τῶν δημοσίων ὑπαλλήλων.

Ἡ Κυβέρνησις ἀντιμετωπίζει τὴν ἐπίλυσιν ἐν καιρῷ τῶν οἰκονομικῶν αἰτημάτων τῶν δημοσίων ὑπαλλήλων.

Ἡ Κυβέρνησις ἀντιμετωπίζει τὴν ἐπίλυσιν ἐν καιρῷ τῶν οἰκονομικῶν αἰτημάτων τῶν δημοσίων ὑπαλλήλων.

Ο ΝΕΟΣ ΑΡΧΗΓΟΣ ΤΗΣ ΑΜΕΡΙΚΑΝΙΚΗΣ ΣΤΡΑΤ. ΑΠΟΣΤΟΛΗΣ ΕΞΑΙΡΕΙ ΤΗΝ ΕΛΛΗΝΟΑΜΕΡΙΚΑΝΙΚΗΝ ΣΥΝΕΡΓΑΣΙΑΝ

Ὁ νέος ἀρχηγὸς τῆς Ἀμερικανικῆς Στρατιωτικῆς Ἀποστολῆς ἐξῆρε τὴν ἑλληνοαμερικανικὴν συνεργασίαν.

Ὁ νέος ἀρχηγὸς τῆς Ἀμερικανικῆς Στρατιωτικῆς Ἀποστολῆς ἐξῆρε τὴν ἑλληνοαμερικανικὴν συνεργασίαν.

Ὁ νέος ἀρχηγὸς τῆς Ἀμερικανικῆς Στρατιωτικῆς Ἀποστολῆς ἐξῆρε τὴν ἑλληνοαμερικανικὴν συνεργασίαν.

Ὁ νέος ἀρχηγὸς τῆς Ἀμερικανικῆς Στρατιωτικῆς Ἀποστολῆς ἐξῆρε τὴν ἑλληνοαμερικανικὴν συνεργασίαν.

ΤΟ ΟΛΟΝ ΘΕΜΑ ΤΩΝ ΕΛΛΗΝΟΓΕΡΜΑΝΙΚΩΝ ΕΜΠΟΡΙΚΩΝ ΣΧΕΣΕΩΝ ΘΑ ΣΥΖΗΤΗΘΗ ΜΕΤΑ ΤΗΣ ΑΝΑΜΕΝΟΜΕΝΗΣ ΕΙΣ ΤΑΣ ΑΘΗΝΑΣ ΓΕΡΜΑΝΙΚΗΣ ΑΝΤΙΠΡΟΣΩΠΕΙΑΣ

Τὸ ὅλον θέμα τῶν ἑλληνογερμανικῶν ἐμπορικῶν σχέσεων θὰ συζητηθῇ μετὰ τῆς ἀναμενομένης εἰς τὰς Ἀθήνας γερμανικῆς ἀντιπροσωπείας.

Τὸ ὅλον θέμα τῶν ἑλληνογερμανικῶν ἐμπορικῶν σχέσεων θὰ συζητηθῇ μετὰ τῆς ἀναμενομένης εἰς τὰς Ἀθήνας γερμανικῆς ἀντιπροσωπείας.

Τὸ ὅλον θέμα τῶν ἑλληνογερμανικῶν ἐμπορικῶν σχέσεων θὰ συζητηθῇ μετὰ τῆς ἀναμενομένης εἰς τὰς Ἀθήνας γερμανικῆς ἀντιπροσωπείας.

Τὸ ὅλον θέμα τῶν ἑλληνογερμανικῶν ἐμπορικῶν σχέσεων θὰ συζητηθῇ μετὰ τῆς ἀναμενομένης εἰς τὰς Ἀθήνας γερμανικῆς ἀντιπροσωπείας.

Τὸ ὅλον θέμα τῶν ἑλληνογερμανικῶν ἐμπορικῶν σχέσεων θὰ συζητηθῇ μετὰ τῆς ἀναμενομένης εἰς τὰς Ἀθήνας γερμανικῆς ἀντιπροσωπείας.

ΕΙΧΕΝ ΕΡΩΤΙΚΑΣ ΣΧΕΣΕΙΣ ΜΕ ΤΑΣ ΤΡΕΙΣ ΘΥΓΑΤΕΡΑΣ ΤΟΥ!

ΧΑΝΙΑ, 7. — Εἰς χωρίον τῆς ἐπαρχίας συνελήφθη πατὴρ ὅστις εἶχεν ἐρωτικὰς σχέσεις μὲ τὰς τρεῖς θυγατέρας του.

ΧΑΝΙΑ, 7. — Εἰς χωρίον τῆς ἐπαρχίας συνελήφθη πατὴρ ὅστις εἶχεν ἐρωτικὰς σχέσεις μὲ τὰς τρεῖς θυγατέρας του.

ΚΑΤΕΚΛΑΣΘΗ Ο ΤΕΩΣ ΔΙΕΥΘΥΝΤΗΣ ΣΤΡΑΤΙΩΤΙΚΩΝ ΦΥΛΑΚΩΝ ΙΩΑΝΝΙΝΩΝ

ΧΑΝΙΑ, 7. — Εἰς χωρίον τῆς ἐπαρχίας συνελήφθη πατὴρ ὅστις εἶχεν ἐρωτικὰς σχέσεις μὲ τὰς τρεῖς θυγατέρας του.

ΕΝΕΦΑΝΙΣΘΗ ΩΣ ΙΑΤΡΟΣ ΚΑΙ ΙΕΡΟΚΗΡΥΞ ΑΛΛΑ ΗΤΟ ΑΠΑΤΕΩΝ

ΧΑΝΙΑ, 7. — Εἰς χωρίον τῆς ἐπαρχίας συνελήφθη πατὴρ ὅστις εἶχεν ἐρωτικὰς σχέσεις μὲ τὰς τρεῖς θυγατέρας του.

ΧΑΝΙΑ, 7. — Εἰς χωρίον τῆς ἐπαρχίας συνελήφθη πατὴρ ὅστις εἶχεν ἐρωτικὰς σχέσεις μὲ τὰς τρεῖς θυγατέρας του.

ΝΟΤΑ ΠΡΟΣ ΤΗΝ ΤΟΥΡΚΙΑΝ ΘΑ ΣΤΕΙΛΟΥΝ ΚΑΙ ΟΙ ΔΟΡΥΦΟΡΟΙ

Τὸ ὅλον θέμα τῶν ἑλληνογερμανικῶν ἐμπορικῶν σχέσεων θὰ συζητηθῇ μετὰ τῆς ἀναμενομένης εἰς τὰς Ἀθήνας γερμανικῆς ἀντιπροσωπείας.

Ο ΑΡΧΗΓΟΣ ΤΟΥ Γ.Ε.Ν. ΓΕΝΙΚΟΣ ΥΠΑΣΠΙΣΤΗΣ ΤΟΥ ΒΑΣΙΛΕΩΣ

Ὁ ἀρχηγὸς τοῦ Γενικοῦ Ἐπιτελείου Ναυτικοῦ διωρίσθη γενικὸς ὑπασπιστὴς τοῦ Βασιλέως.

Ο κ. ΠΛΑΣΤΗΡΑΣ ΑΝΕΧΩΡΗΣΕΝ ΕΙΣ ΚΡΗΤΗΝ ΔΙΑ ΠΡΑΞΗ

Ὁ ἀρχηγὸς τοῦ Γενικοῦ Ἐπιτελείου Ναυτικοῦ διωρίσθη γενικὸς ὑπασπιστὴς τοῦ Βασιλέως.

Ὁ ἀρχηγὸς τοῦ Γενικοῦ Ἐπιτελείου Ναυτικοῦ διωρίσθη γενικὸς ὑπασπιστὴς τοῦ Βασιλέως.

ΑΕΥΚΗ ΑΠΕΡΓΙΑ ΕΠΙ ΕΝΟΣ ΕΛΛΗΝΙΚΟΥ ΚΑΙ ΕΝΟΣ ΦΟΡΤΗΓΟΥ ΕΙΣ ΤΟΝ ΛΙΜΕΝΑ Ν. ΥΟΡΚΗΣ

ΝΕΑ ΥΟΡΚΗ, 7. — Λευκὴ ἀπεργία ἐκηρύχθη ἐπὶ ἑνὸς ἑλληνικοῦ καὶ ἑνὸς φορτηγοῦ εἰς τὸν λιμένα τῆς Νέας Ὑόρκης.

ΝΕΑ ΥΟΡΚΗ, 7. — Λευκὴ ἀπεργία ἐκηρύχθη ἐπὶ ἑνὸς ἑλληνικοῦ καὶ ἑνὸς φορτηγοῦ εἰς τὸν λιμένα τῆς Νέας Ὑόρκης.

Ο ΕΞΩΡΑΙΣΜΟΣ ΤΩΝ ΔΙΚΑΣΤΙΚΩΝ ΚΤΙΡΙΩΝ

ΝΕΑ ΥΟΡΚΗ, 7. — Λευκὴ ἀπεργία ἐκηρύχθη ἐπὶ ἑνὸς ἑλληνικοῦ καὶ ἑνὸς φορτηγοῦ εἰς τὸν λιμένα τῆς Νέας Ὑόρκης.
